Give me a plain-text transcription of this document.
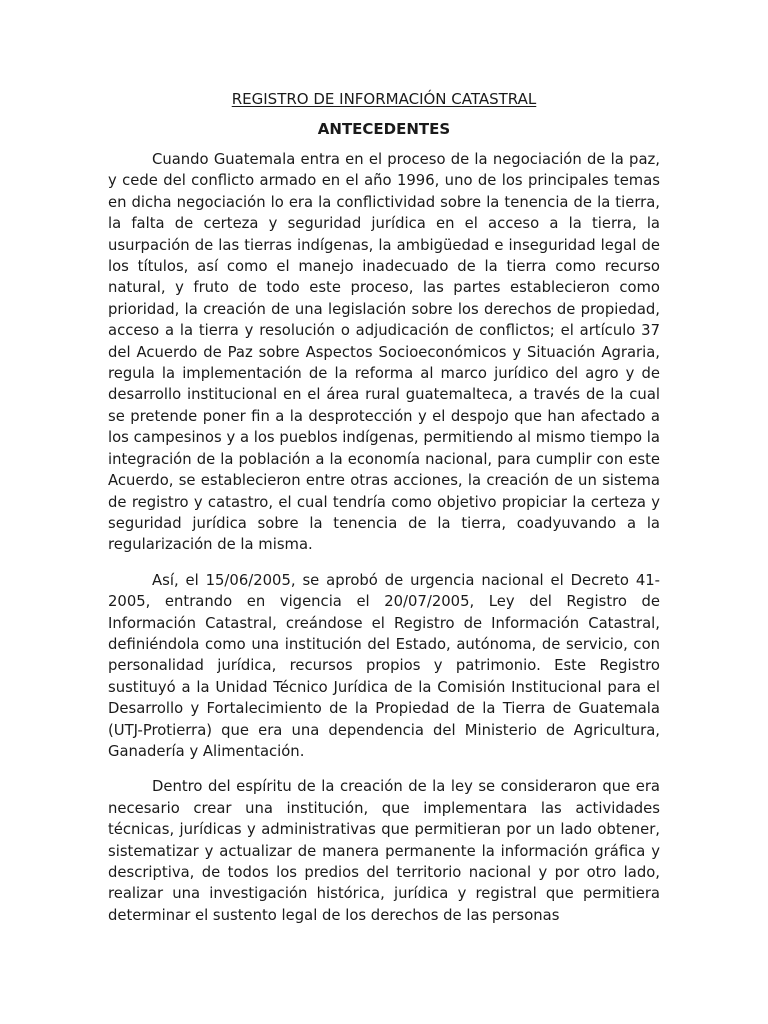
REGISTRO DE INFORMACIÓN CATASTRAL
ANTECEDENTES

Cuando Guatemala entra en el proceso de la negociación de la paz, y cede del conflicto armado en el año 1996, uno de los principales temas en dicha negociación lo era la conflictividad sobre la tenencia de la tierra, la falta de certeza y seguridad jurídica en el acceso a la tierra, la usurpación de las tierras indígenas, la ambigüedad e inseguridad legal de los títulos, así como el manejo inadecuado de la tierra como recurso natural, y fruto de todo este proceso, las partes establecieron como prioridad, la creación de una legislación sobre los derechos de propiedad, acceso a la tierra y resolución o adjudicación de conflictos; el artículo 37 del Acuerdo de Paz sobre Aspectos Socioeconómicos y Situación Agraria, regula la implementación de la reforma al marco jurídico del agro y de desarrollo institucional en el área rural guatemalteca, a través de la cual se pretende poner fin a la desprotección y el despojo que han afectado a los campesinos y a los pueblos indígenas, permitiendo al mismo tiempo la integración de la población a la economía nacional, para cumplir con este Acuerdo, se establecieron entre otras acciones, la creación de un sistema de registro y catastro, el cual tendría como objetivo propiciar la certeza y seguridad jurídica sobre la tenencia de la tierra, coadyuvando a la regularización de la misma.

Así, el 15/06/2005, se aprobó de urgencia nacional el Decreto 41-2005, entrando en vigencia el 20/07/2005, Ley del Registro de Información Catastral, creándose el Registro de Información Catastral, definiéndola como una institución del Estado, autónoma, de servicio, con personalidad jurídica, recursos propios y patrimonio. Este Registro sustituyó a la Unidad Técnico Jurídica de la Comisión Institucional para el Desarrollo y Fortalecimiento de la Propiedad de la Tierra de Guatemala (UTJ-Protierra) que era una dependencia del Ministerio de Agricultura, Ganadería y Alimentación.

Dentro del espíritu de la creación de la ley se consideraron que era necesario crear una institución, que implementara las actividades técnicas, jurídicas y administrativas que permitieran por un lado obtener, sistematizar y actualizar de manera permanente la información gráfica y descriptiva, de todos los predios del territorio nacional y por otro lado, realizar una investigación histórica, jurídica y registral que permitiera determinar el sustento legal de los derechos de las personas
